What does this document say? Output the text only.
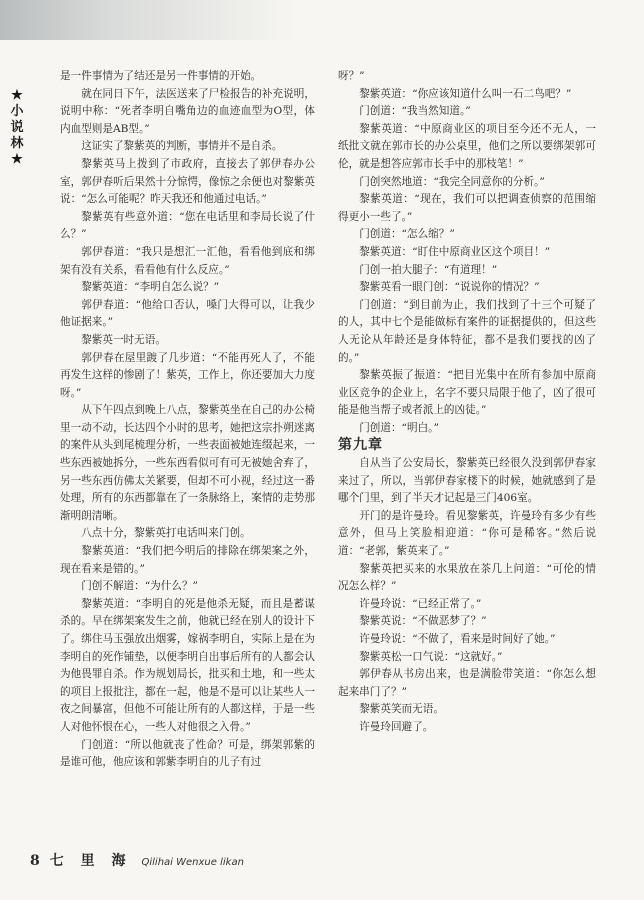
★
小
说
林
★

是一件事情为了结还是另一件事情的开始。

就在同日下午，法医送来了尸检报告的补充说明，说明中称：“死者李明自嘴角边的血迹血型为O型，体内血型则是AB型。”

这证实了黎紫英的判断，事情并不是自杀。

黎紫英马上拨到了市政府，直接去了郭伊春办公室，郭伊春听后果然十分惊愕，像惊之余便也对黎紫英说：“怎么可能呢？昨天我还和他通过电话。”

黎紫英有些意外道：“您在电话里和李局长说了什么？”

郭伊春道：“我只是想汇一汇他，看看他到底和绑架有没有关系，看看他有什么反应。”

黎紫英道：“李明自怎么说？”

郭伊春道：“他给口否认，嗓门大得可以，让我少他证据来。”

黎紫英一时无语。

郭伊春在屋里踱了几步道：“不能再死人了，不能再发生这样的惨剧了！紫英，工作上，你还要加大力度呀。”

从下午四点到晚上八点，黎紫英坐在自己的办公椅里一动不动，长达四个小时的思考，她把这宗扑朔迷离的案件从头到尾梳理分析，一些表面被她连缀起来，一些东西被她拆分，一些东西看似可有可无被她舍弃了，另一些东西仿佛太关紧要，但却不可小视，经过这一番处理，所有的东西都靠在了一条脉络上，案情的走势那渐明朗清晰。

八点十分，黎紫英打电话叫来门创。

黎紫英道：“我们把今明后的排除在绑架案之外，现在看来是错的。”

门创不解道：“为什么？”

黎紫英道：“李明自的死是他杀无疑，而且是蓄谋杀的。早在绑架案发生之前，他就已经在别人的设计下了。绑住马玉强放出烟雾，嫁祸李明自，实际上是在为李明自的死作铺垫，以便李明自出事后所有的人都会认为他畏罪自杀。作为规划局长，批买和土地，和一些太的项目上报批注，都在一起，他是不是可以让某些人一夜之间暴富，但他不可能让所有的人都这样，于是一些人对他怀恨在心，一些人对他很之入骨。”

门创道：“所以他就丧了性命？可是，绑架郭紫的是谁可他，他应该和郭紫李明自的儿子有过

呀？”

黎紫英道：“你应该知道什么叫一石二鸟吧？”

门创道：“我当然知道。”

黎紫英道：“中原商业区的项目至今还不无人，一纸批文就在郭市长的办公桌里，他们之所以要绑架郭可伦，就是想答应郭市长手中的那枝笔！”

门创突然地道：“我完全同意你的分析。”

黎紫英道：“现在，我们可以把调查侦察的范围缩得更小一些了。”

门创道：“怎么缩？”

黎紫英道：“盯住中原商业区这个项目！”

门创一拍大腿子：“有道理！”

黎紫英看一眼门创：“说说你的情况？”

门创道：“到目前为止，我们找到了十三个可疑了的人，其中七个是能做标有案件的证据提供的，但这些人无论从年龄还是身体特征，都不是我们要找的凶了的。”

黎紫英振了振道：“把目光集中在所有参加中原商业区竞争的企业上，名字不要只局限于他了，凶了很可能是他当帮子或者派上的凶徒。”

门创道：“明白。”

第九章

自从当了公安局长，黎紫英已经很久没到郭伊春家来过了，所以，当郭伊春家楼下的时候，她就感到了是哪个门里，到了半天才记起是三门406室。

开门的是许曼玲。看见黎紫英，许曼玲有多少有些意外，但马上笑脸相迎道：“你可是稀客。”然后说道：“老郭，紫英来了。”

黎紫英把买来的水果放在茶几上问道：“可伦的情况怎么样？”

许曼玲说：“已经正常了。”

黎紫英说：“不做恶梦了？”

许曼玲说：“不做了，看来是时间好了她。”

黎紫英松一口气说：“这就好。”

郭伊春从书房出来，也是满脸带笑道：“你怎么想起来串门了？”

黎紫英笑而无语。

许曼玲回避了。

8 七 里 海 Qilihai Wenxue likan
